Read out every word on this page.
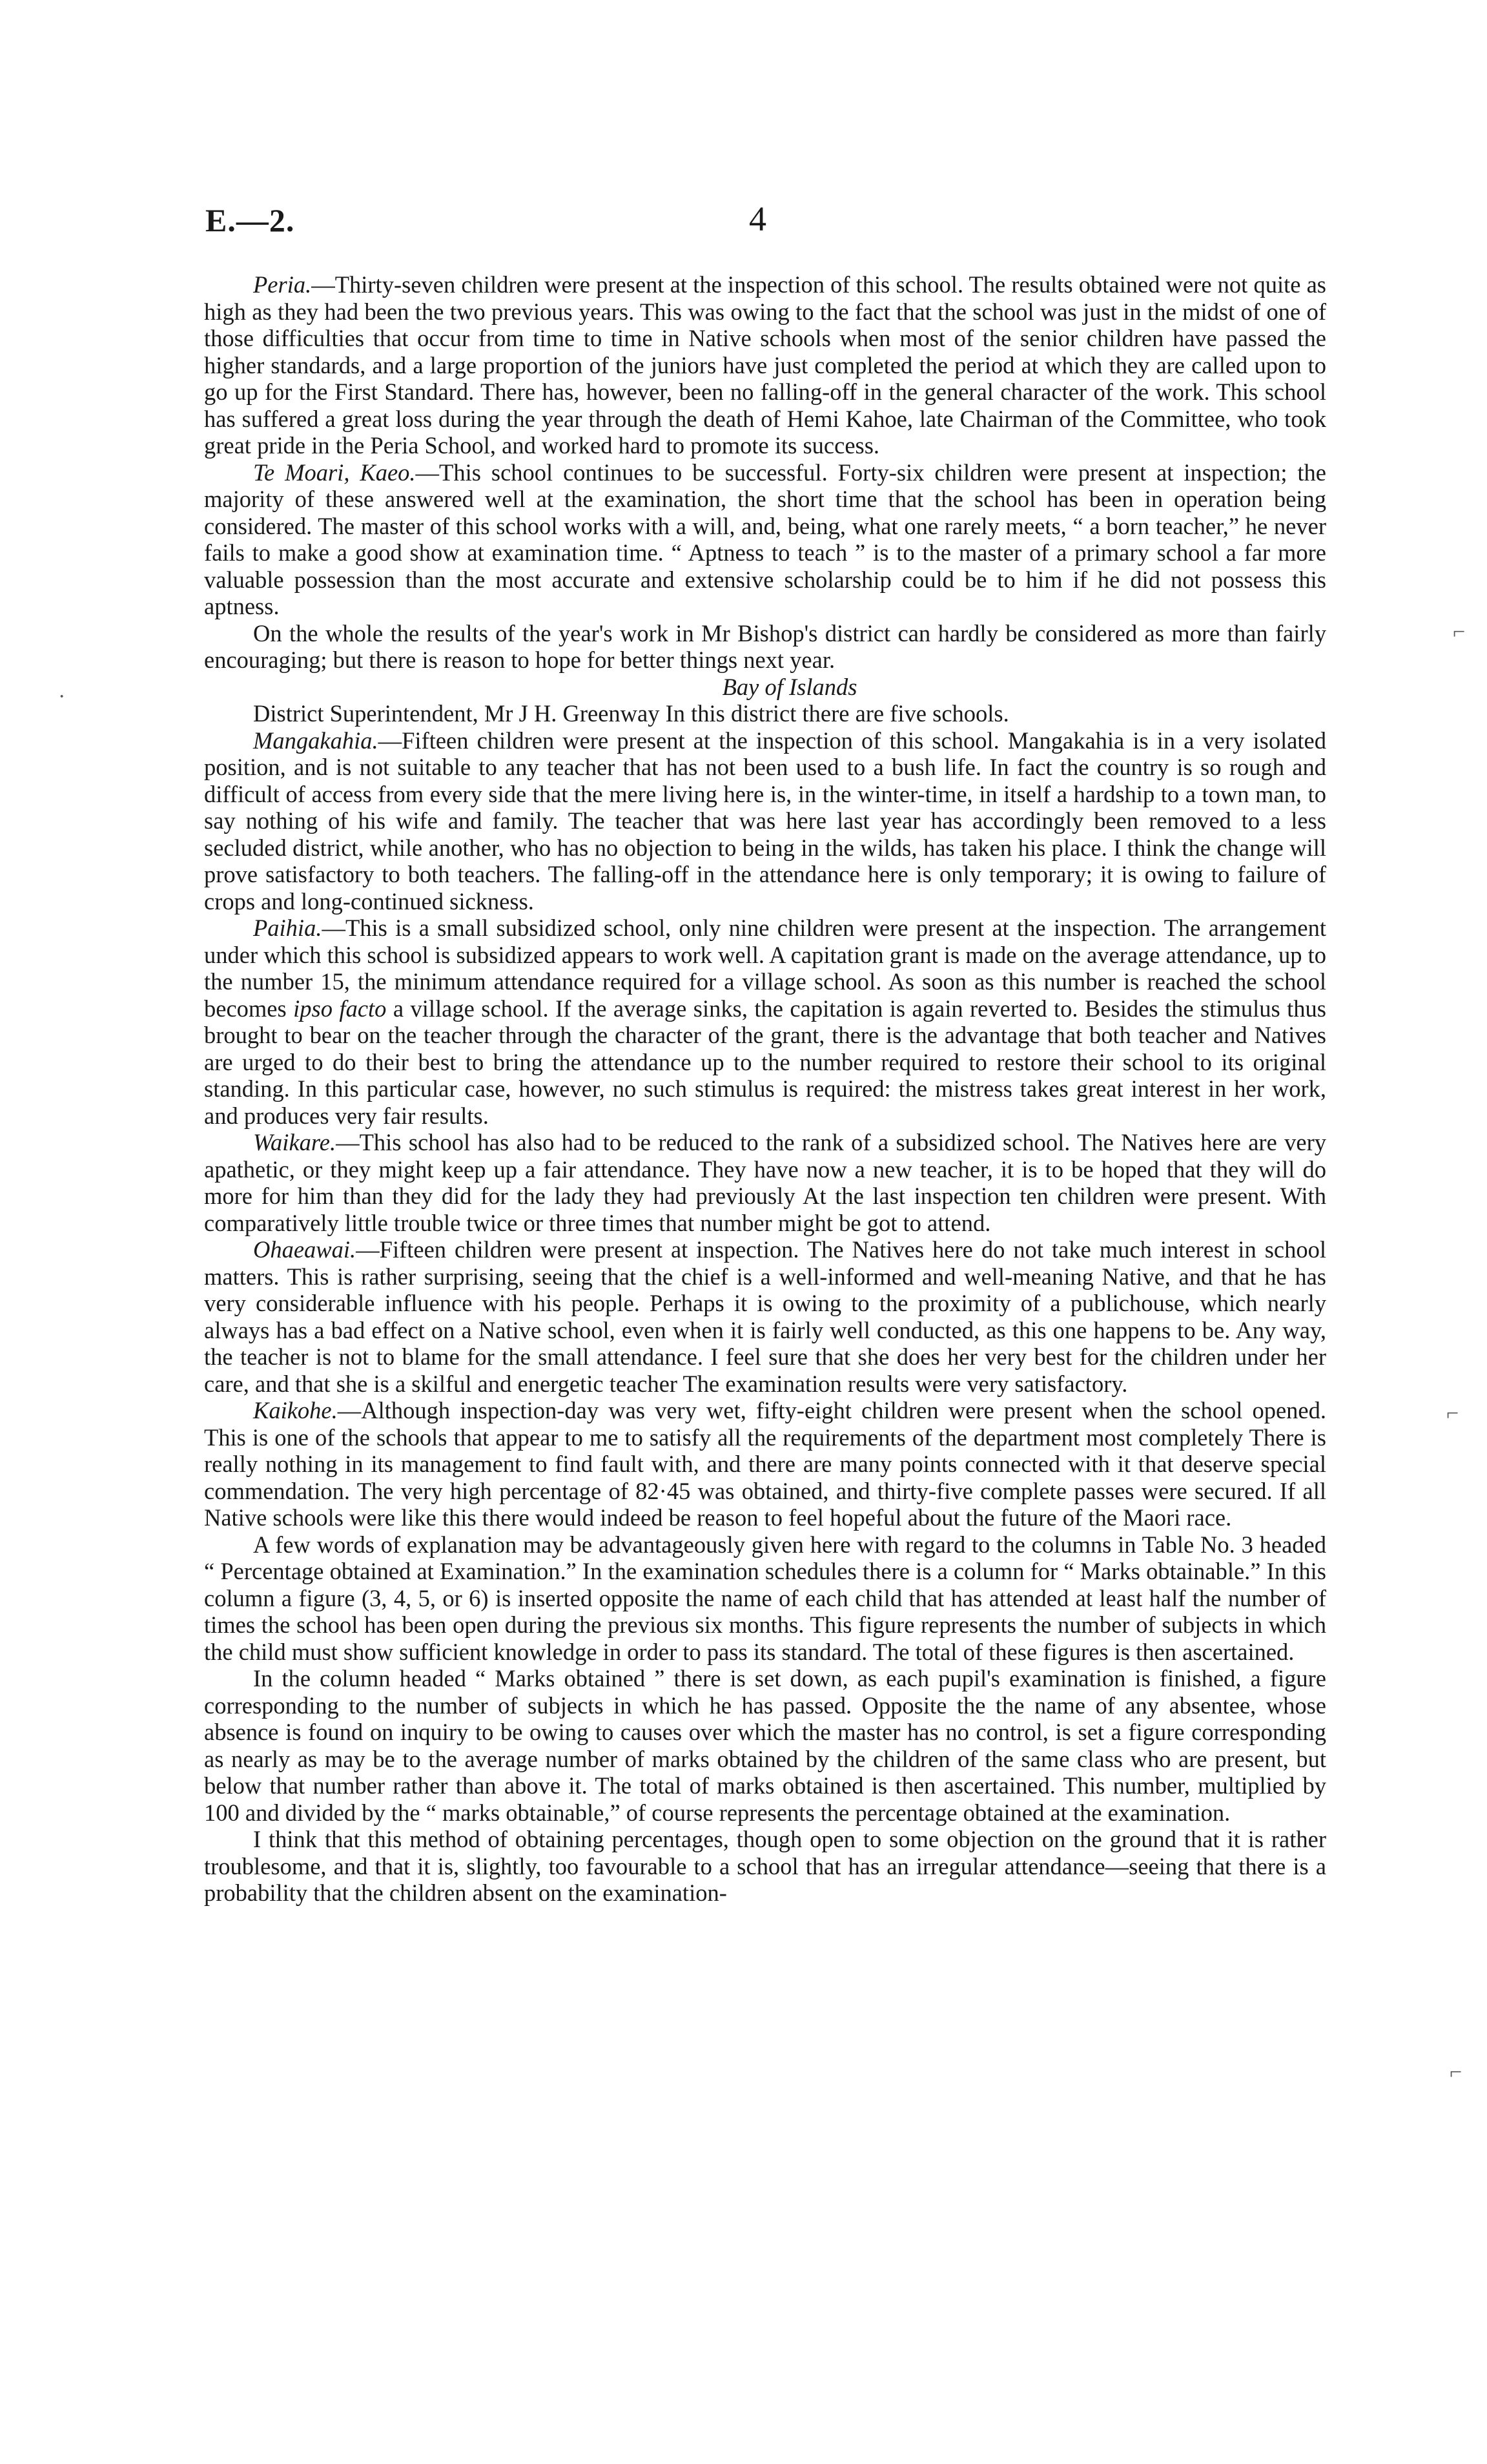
E.—2.	4

Peria.—Thirty-seven children were present at the inspection of this school. The results obtained were not quite as high as they had been the two previous years. This was owing to the fact that the school was just in the midst of one of those difficulties that occur from time to time in Native schools when most of the senior children have passed the higher standards, and a large proportion of the juniors have just completed the period at which they are called upon to go up for the First Standard. There has, however, been no falling-off in the general character of the work. This school has suffered a great loss during the year through the death of Hemi Kahoe, late Chairman of the Committee, who took great pride in the Peria School, and worked hard to promote its success.

Te Moari, Kaeo.—This school continues to be successful. Forty-six children were present at inspection; the majority of these answered well at the examination, the short time that the school has been in operation being considered. The master of this school works with a will, and, being, what one rarely meets, “ a born teacher,” he never fails to make a good show at examination time. “ Aptness to teach ” is to the master of a primary school a far more valuable possession than the most accurate and extensive scholarship could be to him if he did not possess this aptness.

On the whole the results of the year's work in Mr Bishop's district can hardly be considered as more than fairly encouraging; but there is reason to hope for better things next year.

Bay of Islands

District Superintendent, Mr J H. Greenway In this district there are five schools.

Mangakahia.—Fifteen children were present at the inspection of this school. Mangakahia is in a very isolated position, and is not suitable to any teacher that has not been used to a bush life. In fact the country is so rough and difficult of access from every side that the mere living here is, in the winter-time, in itself a hardship to a town man, to say nothing of his wife and family. The teacher that was here last year has accordingly been removed to a less secluded district, while another, who has no objection to being in the wilds, has taken his place. I think the change will prove satisfactory to both teachers. The falling-off in the attendance here is only temporary; it is owing to failure of crops and long-continued sickness.

Paihia.—This is a small subsidized school, only nine children were present at the inspection. The arrangement under which this school is subsidized appears to work well. A capitation grant is made on the average attendance, up to the number 15, the minimum attendance required for a village school. As soon as this number is reached the school becomes ipso facto a village school. If the average sinks, the capitation is again reverted to. Besides the stimulus thus brought to bear on the teacher through the character of the grant, there is the advantage that both teacher and Natives are urged to do their best to bring the attendance up to the number required to restore their school to its original standing. In this particular case, however, no such stimulus is required: the mistress takes great interest in her work, and produces very fair results.

Waikare.—This school has also had to be reduced to the rank of a subsidized school. The Natives here are very apathetic, or they might keep up a fair attendance. They have now a new teacher, it is to be hoped that they will do more for him than they did for the lady they had previously At the last inspection ten children were present. With comparatively little trouble twice or three times that number might be got to attend.

Ohaeawai.—Fifteen children were present at inspection. The Natives here do not take much interest in school matters. This is rather surprising, seeing that the chief is a well-informed and well-meaning Native, and that he has very considerable influence with his people. Perhaps it is owing to the proximity of a publichouse, which nearly always has a bad effect on a Native school, even when it is fairly well conducted, as this one happens to be. Any way, the teacher is not to blame for the small attendance. I feel sure that she does her very best for the children under her care, and that she is a skilful and energetic teacher The examination results were very satisfactory.

Kaikohe.—Although inspection-day was very wet, fifty-eight children were present when the school opened. This is one of the schools that appear to me to satisfy all the requirements of the department most completely There is really nothing in its management to find fault with, and there are many points connected with it that deserve special commendation. The very high percentage of 82·45 was obtained, and thirty-five complete passes were secured. If all Native schools were like this there would indeed be reason to feel hopeful about the future of the Maori race.

A few words of explanation may be advantageously given here with regard to the columns in Table No. 3 headed “ Percentage obtained at Examination.” In the examination schedules there is a column for “ Marks obtainable.” In this column a figure (3, 4, 5, or 6) is inserted opposite the name of each child that has attended at least half the number of times the school has been open during the previous six months. This figure represents the number of subjects in which the child must show sufficient knowledge in order to pass its standard. The total of these figures is then ascertained.

In the column headed “ Marks obtained ” there is set down, as each pupil's examination is finished, a figure corresponding to the number of subjects in which he has passed. Opposite the the name of any absentee, whose absence is found on inquiry to be owing to causes over which the master has no control, is set a figure corresponding as nearly as may be to the average number of marks obtained by the children of the same class who are present, but below that number rather than above it. The total of marks obtained is then ascertained. This number, multiplied by 100 and divided by the “ marks obtainable,” of course represents the percentage obtained at the examination.

I think that this method of obtaining percentages, though open to some objection on the ground that it is rather troublesome, and that it is, slightly, too favourable to a school that has an irregular attendance—seeing that there is a probability that the children absent on the examination-

·
⌐
⌐
⌐
